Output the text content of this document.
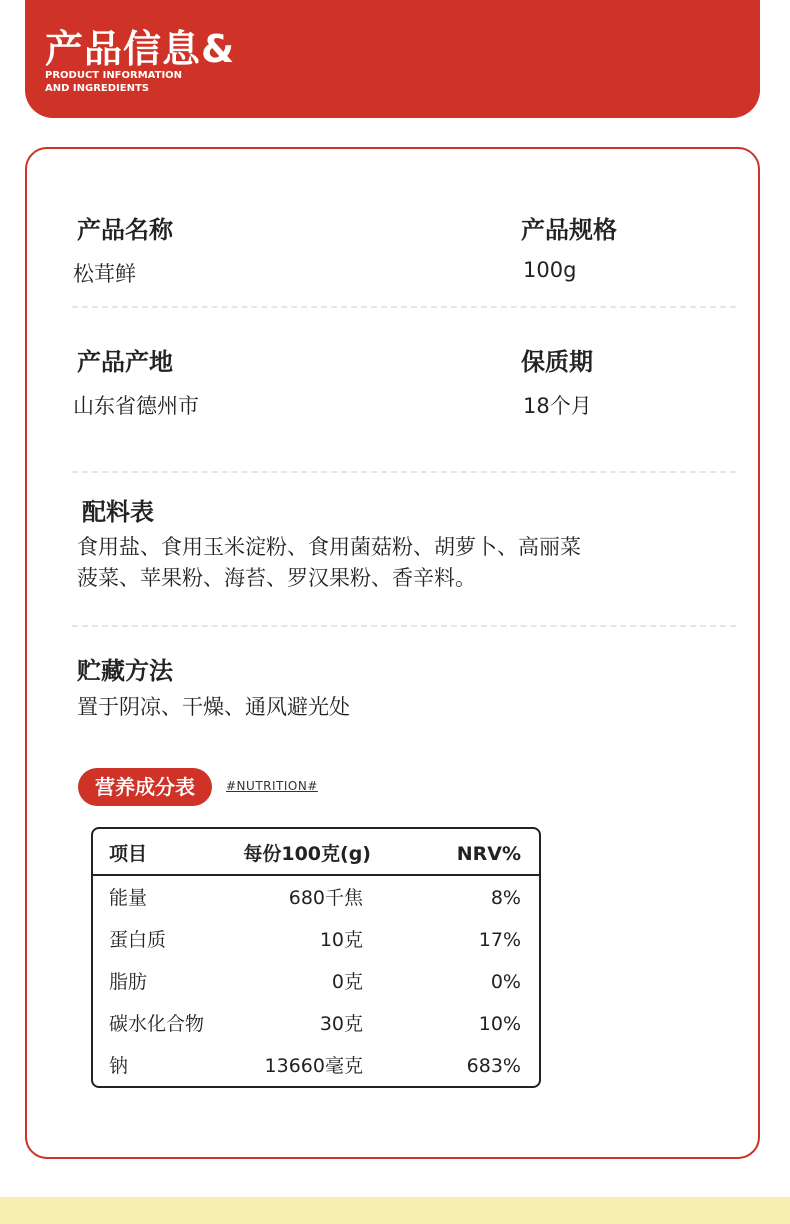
产品信息&
PRODUCT INFORMATION
AND INGREDIENTS
产品名称
松茸鲜
产品规格
100g
产品产地
山东省德州市
保质期
18个月
配料表
食用盐、食用玉米淀粉、食用菌菇粉、胡萝卜、高丽菜
菠菜、苹果粉、海苔、罗汉果粉、香辛料。
贮藏方法
置于阴凉、干燥、通风避光处
营养成分表	#NUTRITION#
项目	每份100克(g)	NRV%
能量	680千焦	8%
蛋白质	10克	17%
脂肪	0克	0%
碳水化合物	30克	10%
钠	13660毫克	683%
